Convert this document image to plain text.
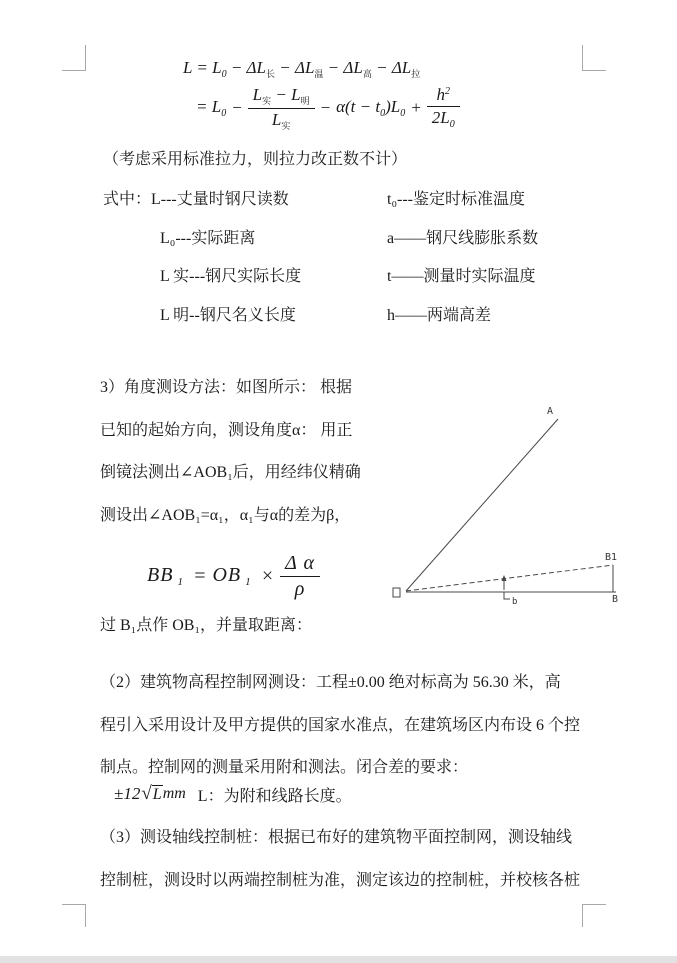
$L = L_0 - \Delta L_长 - \Delta L_温 - \Delta L_高 - \Delta L_拉$
= $L_0 - \frac{L_实 - L_明}{L_实} - \alpha(t - t_0)L_0 + \frac{h^2}{2L_0}$
（考虑采用标准拉力，则拉力改正数不计）
式中：L---丈量时钢尺读数	t₀---鉴定时标准温度
L₀---实际距离	a——钢尺线膨胀系数
L 实---钢尺实际长度	t——测量时实际温度
L 明--钢尺名义长度	h——两端高差
3）角度测设方法：如图所示： 根据
已知的起始方向，测设角度α： 用正
倒镜法测出∠AOB₁后，用经纬仪精确
测设出∠AOB₁=α₁，α₁与α的差为β，
A
B1
B
b
BB $_1$ = OB $_1 \times \frac{\text{Δ α}}{\rho}$
过 B₁点作 OB₁，并量取距离：
（2）建筑物高程控制网测设：工程±0.00 绝对标高为 56.30 米，高
程引入采用设计及甲方提供的国家水准点，在建筑场区内布设 6 个控
制点。控制网的测量采用附和测法。闭合差的要求：
±12 √ L mm L：为附和线路长度。
（3）测设轴线控制桩：根据已布好的建筑物平面控制网，测设轴线
控制桩，测设时以两端控制桩为准，测定该边的控制桩，并校核各桩
